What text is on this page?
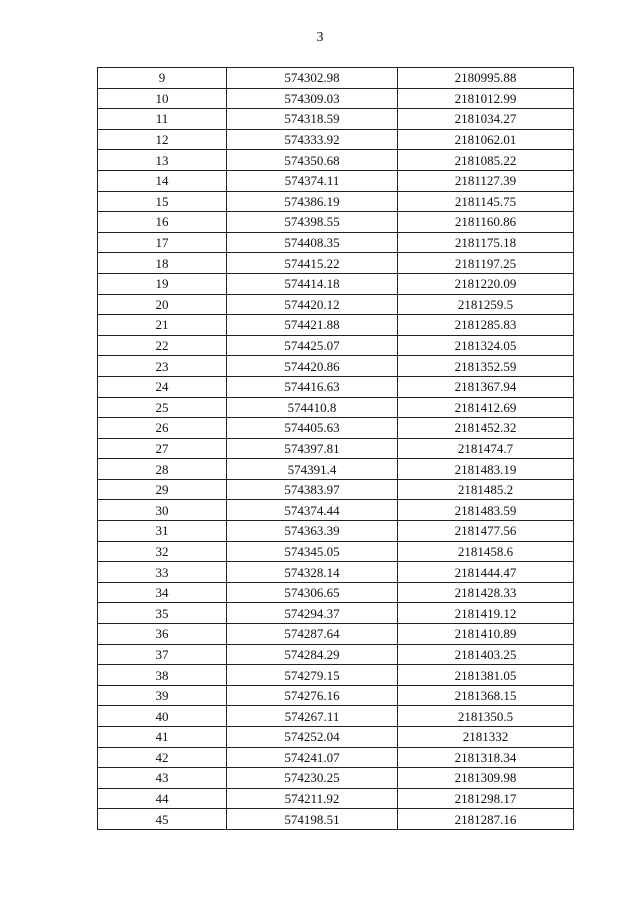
3
9	574302.98	2180995.88
10	574309.03	2181012.99
11	574318.59	2181034.27
12	574333.92	2181062.01
13	574350.68	2181085.22
14	574374.11	2181127.39
15	574386.19	2181145.75
16	574398.55	2181160.86
17	574408.35	2181175.18
18	574415.22	2181197.25
19	574414.18	2181220.09
20	574420.12	2181259.5
21	574421.88	2181285.83
22	574425.07	2181324.05
23	574420.86	2181352.59
24	574416.63	2181367.94
25	574410.8	2181412.69
26	574405.63	2181452.32
27	574397.81	2181474.7
28	574391.4	2181483.19
29	574383.97	2181485.2
30	574374.44	2181483.59
31	574363.39	2181477.56
32	574345.05	2181458.6
33	574328.14	2181444.47
34	574306.65	2181428.33
35	574294.37	2181419.12
36	574287.64	2181410.89
37	574284.29	2181403.25
38	574279.15	2181381.05
39	574276.16	2181368.15
40	574267.11	2181350.5
41	574252.04	2181332
42	574241.07	2181318.34
43	574230.25	2181309.98
44	574211.92	2181298.17
45	574198.51	2181287.16
